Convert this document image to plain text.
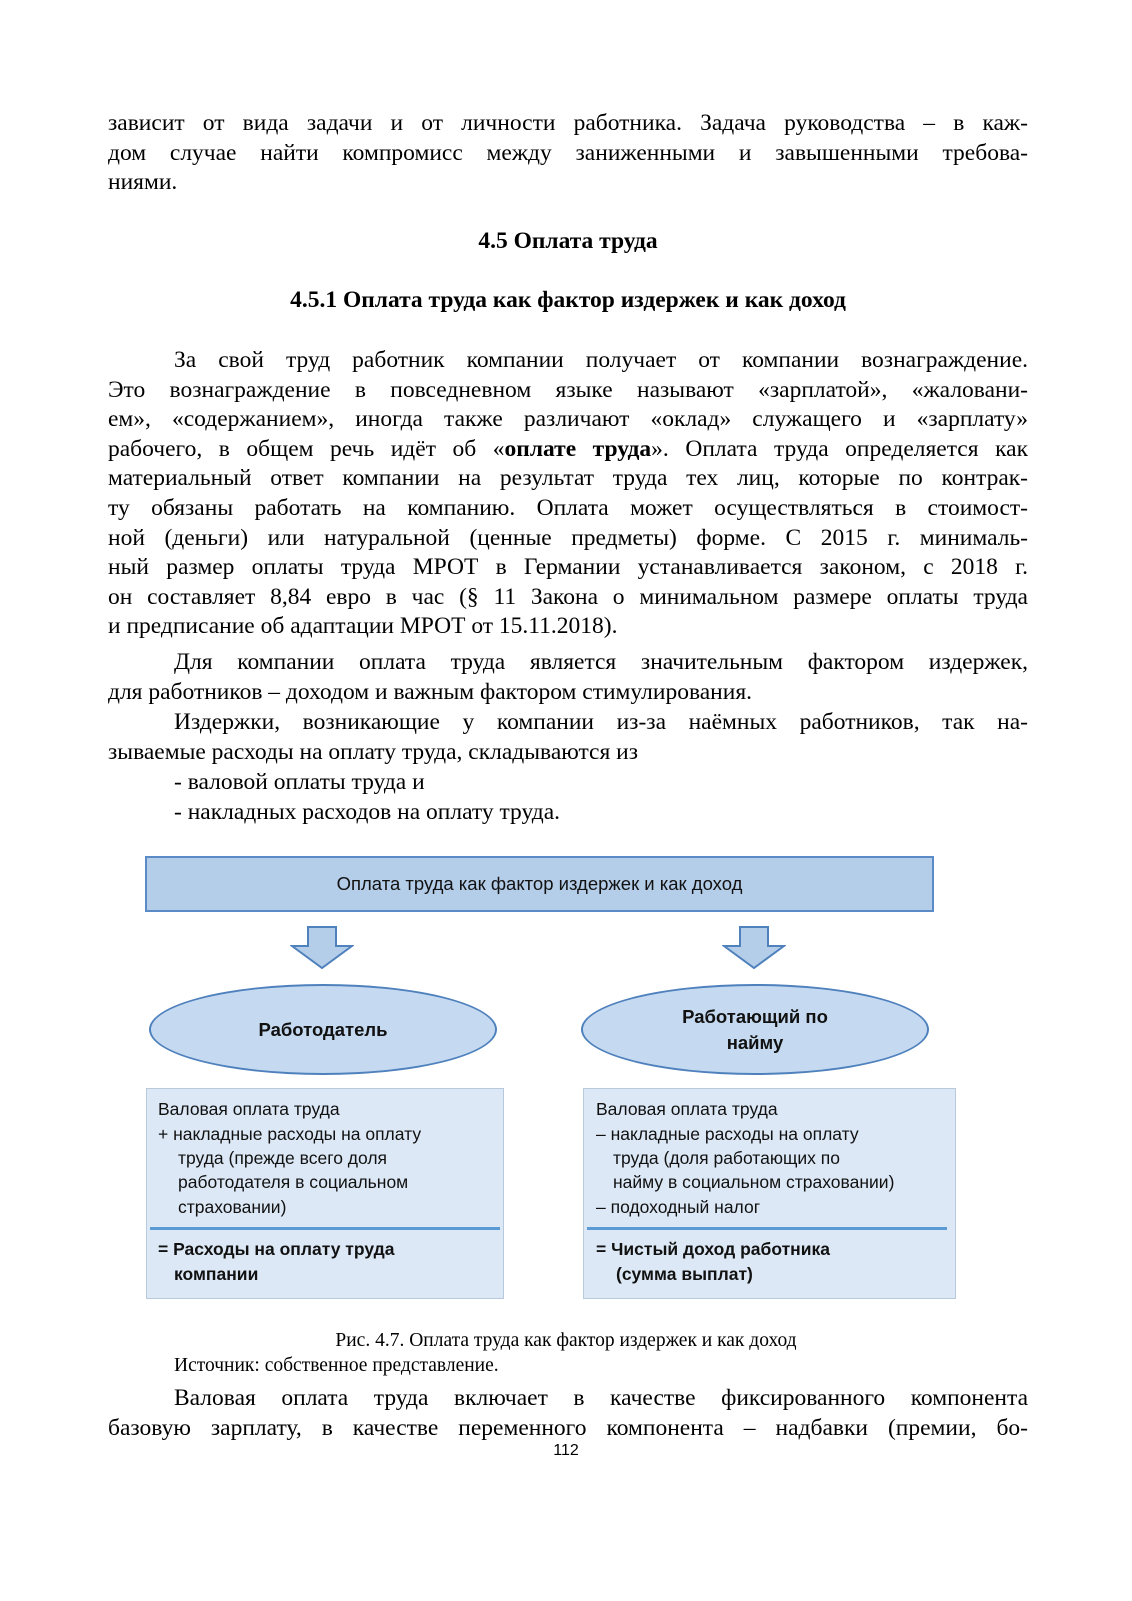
зависит от вида задачи и от личности работника. Задача руководства – в каж-
дом случае найти компромисс между заниженными и завышенными требова-
ниями.
4.5 Оплата труда
4.5.1 Оплата труда как фактор издержек и как доход
За свой труд работник компании получает от компании вознаграждение.
Это вознаграждение в повседневном языке называют «зарплатой», «жаловани-
ем», «содержанием», иногда также различают «оклад» служащего и «зарплату»
рабочего, в общем речь идёт об «оплате труда». Оплата труда определяется как
материальный ответ компании на результат труда тех лиц, которые по контрак-
ту обязаны работать на компанию. Оплата может осуществляться в стоимост-
ной (деньги) или натуральной (ценные предметы) форме. С 2015 г. минималь-
ный размер оплаты труда МРОТ в Германии устанавливается законом, с 2018 г.
он составляет 8,84 евро в час (§ 11 Закона о минимальном размере оплаты труда
и предписание об адаптации МРОТ от 15.11.2018).
Для компании оплата труда является значительным фактором издержек,
для работников – доходом и важным фактором стимулирования.
Издержки, возникающие у компании из-за наёмных работников, так на-
зываемые расходы на оплату труда, складываются из
- валовой оплаты труда и
- накладных расходов на оплату труда.
Оплата труда как фактор издержек и как доход
Работодатель
Работающий по
найму
Валовая оплата труда
+ накладные расходы на оплату
труда (прежде всего доля
работодателя в социальном
страховании)
= Расходы на оплату труда
компании
Валовая оплата труда
– накладные расходы на оплату
труда (доля работающих по
найму в социальном страховании)
– подоходный налог
= Чистый доход работника
(сумма выплат)
Рис. 4.7. Оплата труда как фактор издержек и как доход
Источник: собственное представление.
Валовая оплата труда включает в качестве фиксированного компонента
базовую зарплату, в качестве переменного компонента – надбавки (премии, бо-
112
